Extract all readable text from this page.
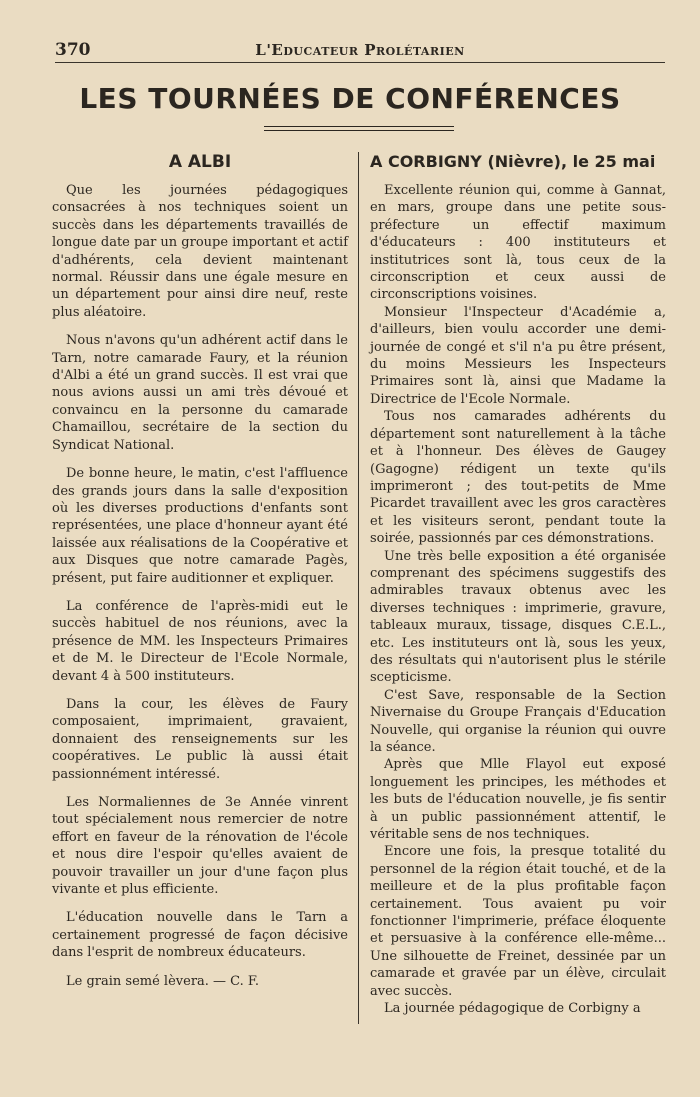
370	L'Educateur Prolétarien
LES TOURNÉES DE CONFÉRENCES
A ALBI

Que les journées pédagogiques consacrées à nos techniques soient un succès dans les départements travaillés de longue date par un groupe important et actif d'adhérents, cela devient maintenant normal. Réussir dans une égale mesure en un département pour ainsi dire neuf, reste plus aléatoire.

Nous n'avons qu'un adhérent actif dans le Tarn, notre camarade Faury, et la réunion d'Albi a été un grand succès. Il est vrai que nous avions aussi un ami très dévoué et convaincu en la personne du camarade Chamaillou, secrétaire de la section du Syndicat National.

De bonne heure, le matin, c'est l'affluence des grands jours dans la salle d'exposition où les diverses productions d'enfants sont représentées, une place d'honneur ayant été laissée aux réalisations de la Coopérative et aux Disques que notre camarade Pagès, présent, put faire auditionner et expliquer.

La conférence de l'après-midi eut le succès habituel de nos réunions, avec la présence de MM. les Inspecteurs Primaires et de M. le Directeur de l'Ecole Normale, devant 4 à 500 instituteurs.

Dans la cour, les élèves de Faury composaient, imprimaient, gravaient, donnaient des renseignements sur les coopératives. Le public là aussi était passionnément intéressé.

Les Normaliennes de 3e Année vinrent tout spécialement nous remercier de notre effort en faveur de la rénovation de l'école et nous dire l'espoir qu'elles avaient de pouvoir travailler un jour d'une façon plus vivante et plus efficiente.

L'éducation nouvelle dans le Tarn a certainement progressé de façon décisive dans l'esprit de nombreux éducateurs.

Le grain semé lèvera. — C. F.

A CORBIGNY (Nièvre), le 25 mai

Excellente réunion qui, comme à Gannat, en mars, groupe dans une petite sous-préfecture un effectif maximum d'éducateurs : 400 instituteurs et institutrices sont là, tous ceux de la circonscription et ceux aussi de circonscriptions voisines.

Monsieur l'Inspecteur d'Académie a, d'ailleurs, bien voulu accorder une demi-journée de congé et s'il n'a pu être présent, du moins Messieurs les Inspecteurs Primaires sont là, ainsi que Madame la Directrice de l'Ecole Normale.

Tous nos camarades adhérents du département sont naturellement à la tâche et à l'honneur. Des élèves de Gaugey (Gagogne) rédigent un texte qu'ils imprimeront ; des tout-petits de Mme Picardet travaillent avec les gros caractères et les visiteurs seront, pendant toute la soirée, passionnés par ces démonstrations.

Une très belle exposition a été organisée comprenant des spécimens suggestifs des admirables travaux obtenus avec les diverses techniques : imprimerie, gravure, tableaux muraux, tissage, disques C.E.L., etc. Les instituteurs ont là, sous les yeux, des résultats qui n'autorisent plus le stérile scepticisme.

C'est Save, responsable de la Section Nivernaise du Groupe Français d'Education Nouvelle, qui organise la réunion qui ouvre la séance.

Après que Mlle Flayol eut exposé longuement les principes, les méthodes et les buts de l'éducation nouvelle, je fis sentir à un public passionnément attentif, le véritable sens de nos techniques.

Encore une fois, la presque totalité du personnel de la région était touché, et de la meilleure et de la plus profitable façon certainement. Tous avaient pu voir fonctionner l'imprimerie, préface éloquente et persuasive à la conférence elle-même... Une silhouette de Freinet, dessinée par un camarade et gravée par un élève, circulait avec succès.

La journée pédagogique de Corbigny a
